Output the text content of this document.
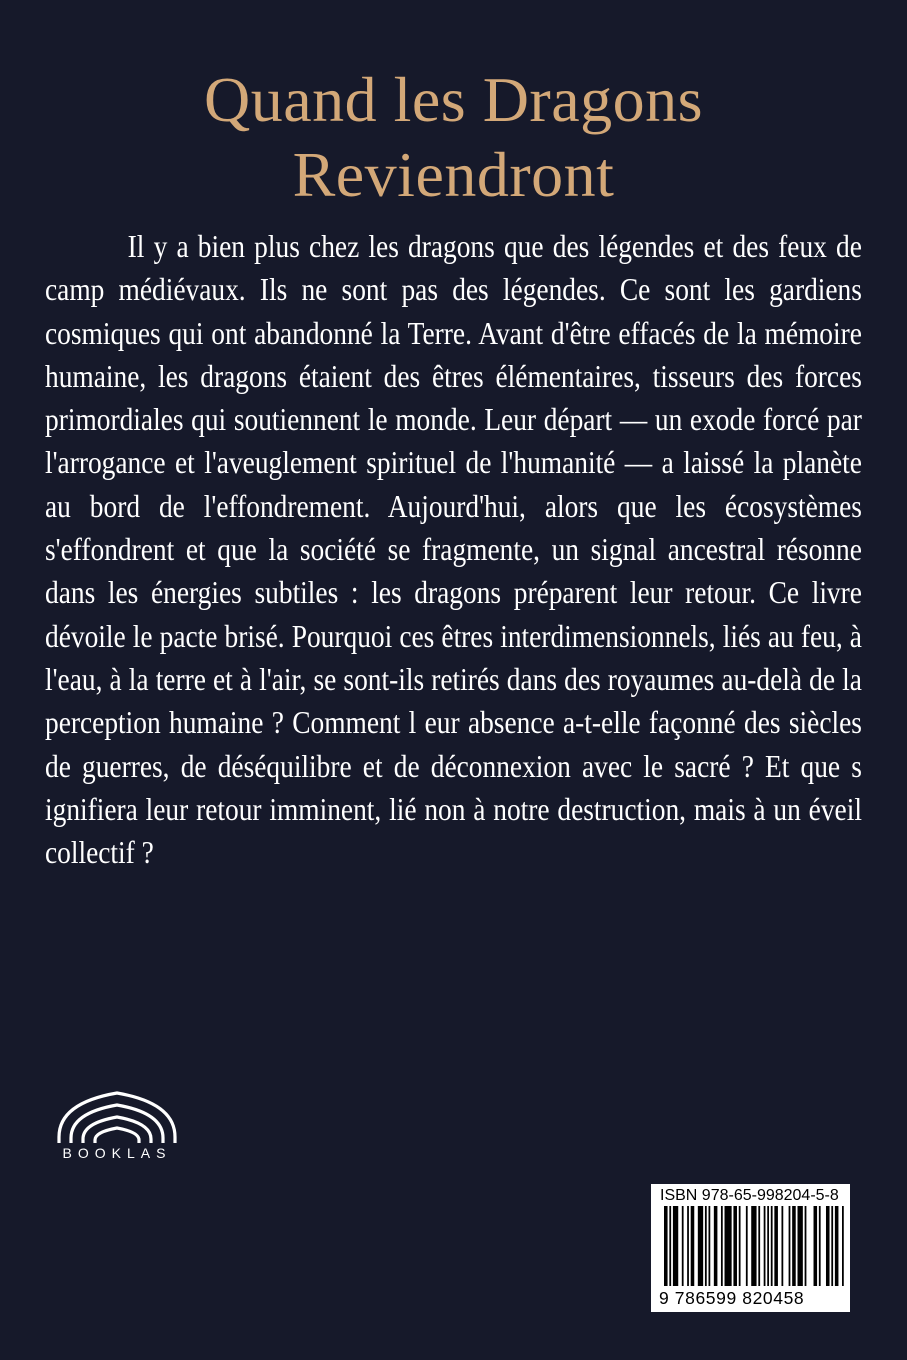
Quand les Dragons
Reviendront

Il y a bien plus chez les dragons que des légendes et des feux de camp médiévaux. Ils ne sont pas des légendes. Ce sont les gardiens cosmiques qui ont abandonné la Terre. Avant d'être effacés de la mémoire humaine, les dragons étaient des êtres élémentaires, tisseurs des forces primordiales qui soutiennent le monde. Leur départ — un exode forcé par l'arrogance et l'aveuglement spirituel de l'humanité — a laissé la planète au bord de l'effondrement. Aujourd'hui, alors que les écosystèmes s'effondrent et que la société se fragmente, un signal ancestral résonne dans les énergies subtiles : les dragons préparent leur retour. Ce livre dévoile le pacte brisé. Pourquoi ces êtres interdimensionnels, liés au feu, à l'eau, à la terre et à l'air, se sont-ils retirés dans des royaumes au-delà de la perception humaine ? Comment l eur absence a-t-elle façonné des siècles de guerres, de déséquilibre et de déconnexion avec le sacré ? Et que s ignifiera leur retour imminent, lié non à notre destruction, mais à un éveil collectif ?

BOOKLAS
ISBN 978-65-998204-5-8
9 786599 820458
